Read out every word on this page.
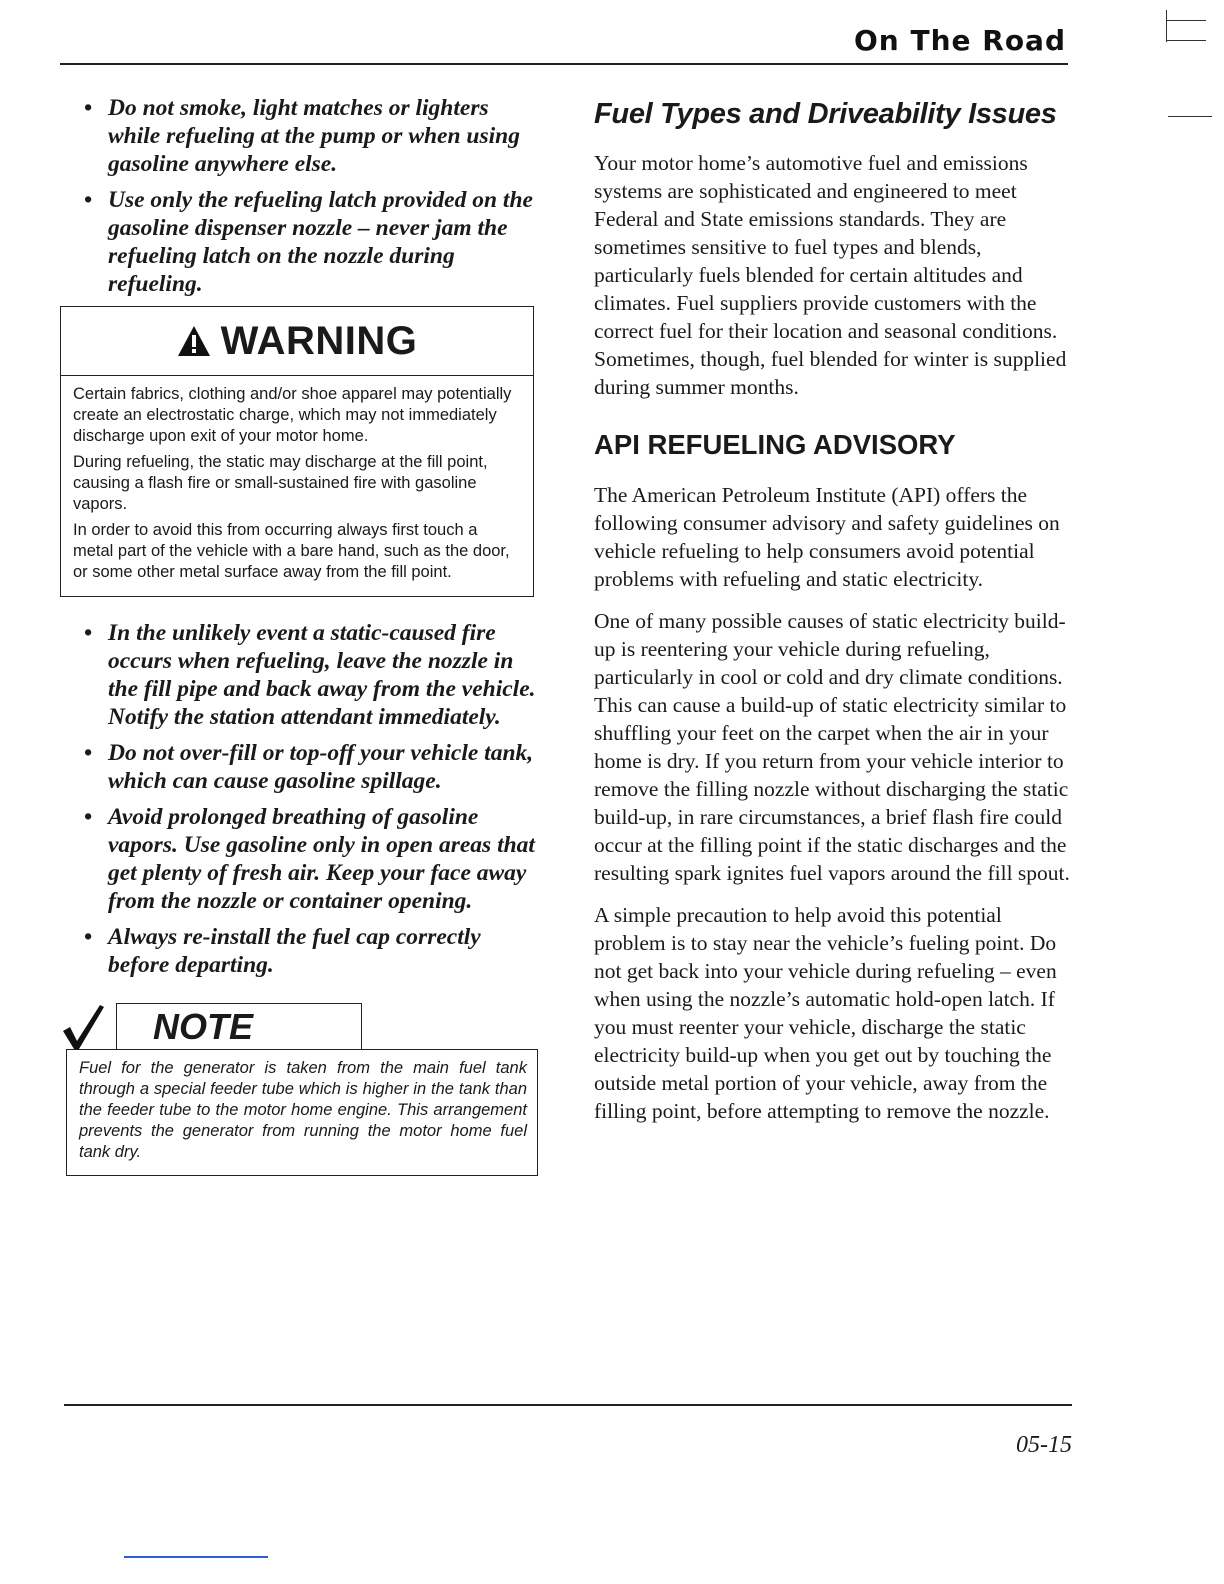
On The Road
• Do not smoke, light matches or lighters while refueling at the pump or when using gasoline anywhere else.
• Use only the refueling latch provided on the gasoline dispenser nozzle – never jam the refueling latch on the nozzle during refueling.
WARNING

Certain fabrics, clothing and/or shoe apparel may potentially create an electrostatic charge, which may not immediately discharge upon exit of your motor home.

During refueling, the static may discharge at the fill point, causing a flash fire or small-sustained fire with gasoline vapors.

In order to avoid this from occurring always first touch a metal part of the vehicle with a bare hand, such as the door, or some other metal surface away from the fill point.

• In the unlikely event a static-caused fire occurs when refueling, leave the nozzle in the fill pipe and back away from the vehicle. Notify the station attendant immediately.
• Do not over-fill or top-off your vehicle tank, which can cause gasoline spillage.
• Avoid prolonged breathing of gasoline vapors. Use gasoline only in open areas that get plenty of fresh air. Keep your face away from the nozzle or container opening.
• Always re-install the fuel cap correctly before departing.
NOTE
Fuel for the generator is taken from the main fuel tank through a special feeder tube which is higher in the tank than the feeder tube to the motor home engine. This arrangement prevents the generator from running the motor home fuel tank dry.
Fuel Types and Driveability Issues

Your motor home’s automotive fuel and emissions systems are sophisticated and engineered to meet Federal and State emissions standards. They are sometimes sensitive to fuel types and blends, particularly fuels blended for certain altitudes and climates. Fuel suppliers provide customers with the correct fuel for their location and seasonal conditions. Sometimes, though, fuel blended for winter is supplied during summer months.

API REFUELING ADVISORY

The American Petroleum Institute (API) offers the following consumer advisory and safety guidelines on vehicle refueling to help consumers avoid potential problems with refueling and static electricity.

One of many possible causes of static electricity build-up is reentering your vehicle during refueling, particularly in cool or cold and dry climate conditions. This can cause a build-up of static electricity similar to shuffling your feet on the carpet when the air in your home is dry. If you return from your vehicle interior to remove the filling nozzle without discharging the static build-up, in rare circumstances, a brief flash fire could occur at the filling point if the static discharges and the resulting spark ignites fuel vapors around the fill spout.

A simple precaution to help avoid this potential problem is to stay near the vehicle’s fueling point. Do not get back into your vehicle during refueling – even when using the nozzle’s automatic hold-open latch. If you must reenter your vehicle, discharge the static electricity build-up when you get out by touching the outside metal portion of your vehicle, away from the filling point, before attempting to remove the nozzle.

05-15
